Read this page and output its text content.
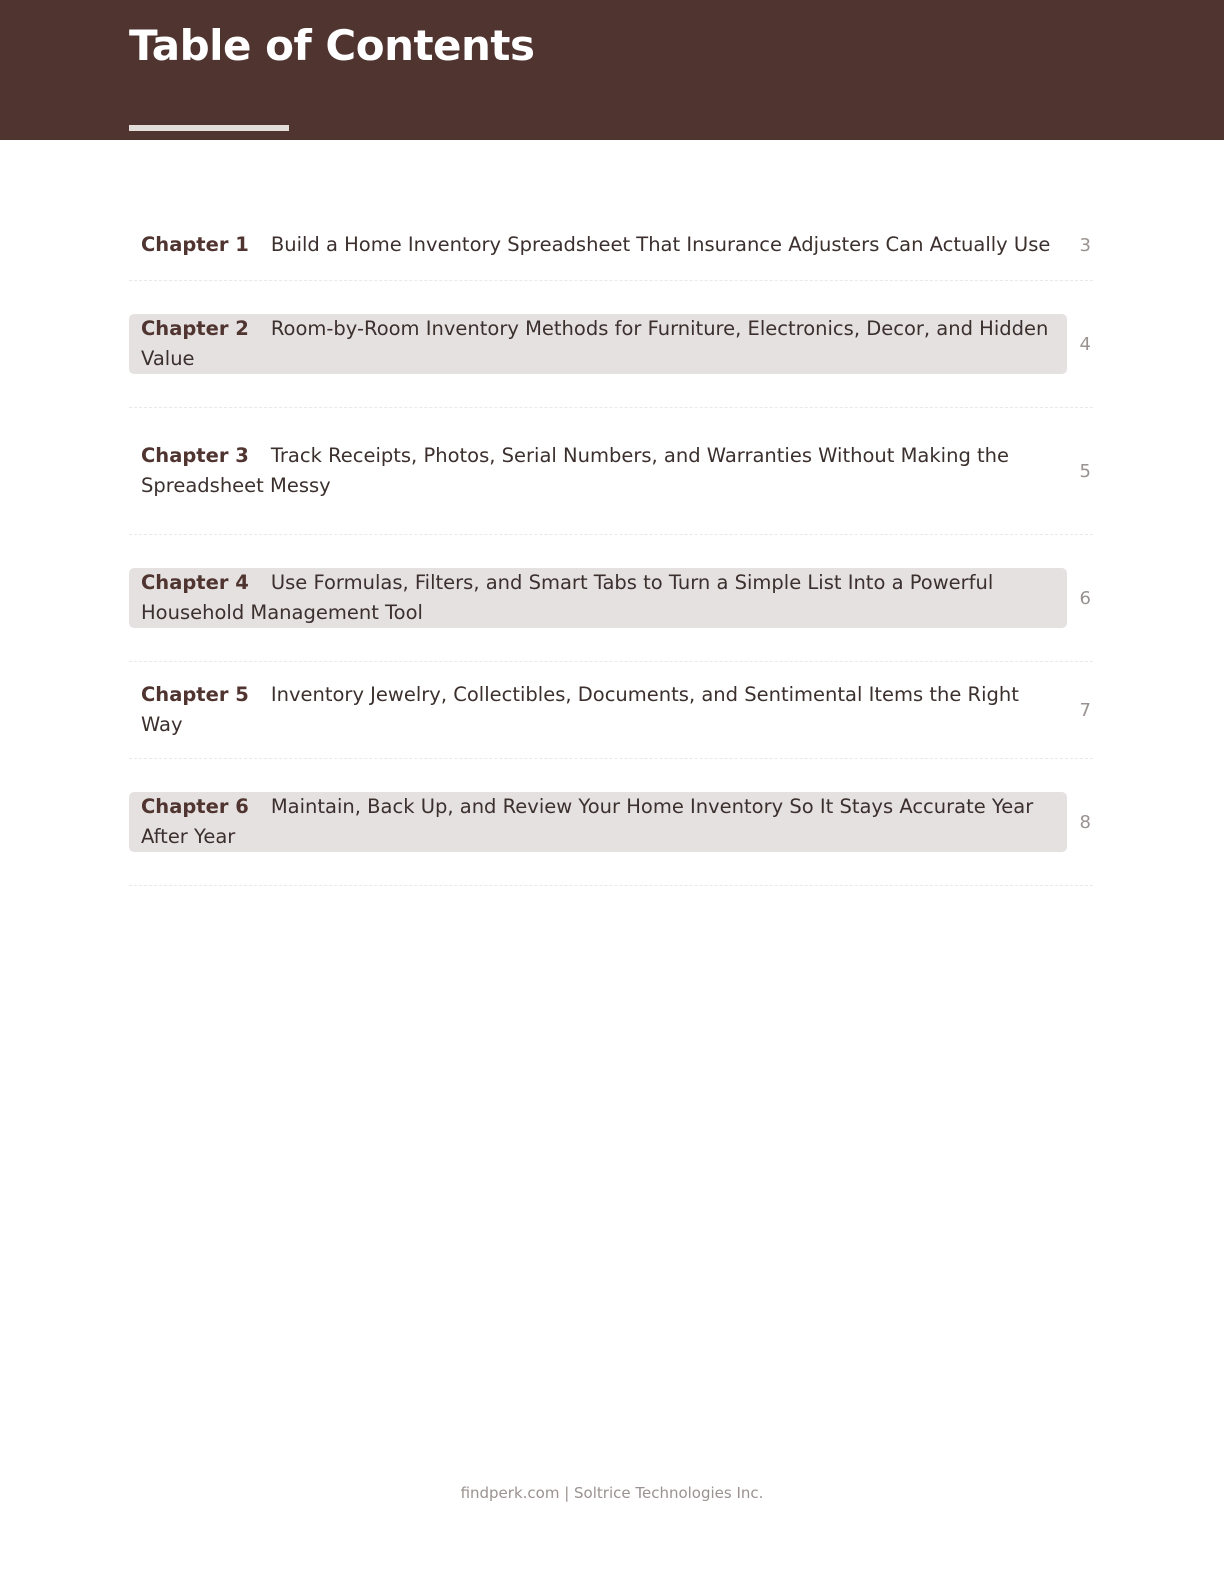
Table of Contents
Chapter 1 Build a Home Inventory Spreadsheet That Insurance Adjusters Can Actually Use	3
Chapter 2 Room-by-Room Inventory Methods for Furniture, Electronics, Decor, and Hidden Value
4
Chapter 3 Track Receipts, Photos, Serial Numbers, and Warranties Without Making the Spreadsheet Messy
5
Chapter 4 Use Formulas, Filters, and Smart Tabs to Turn a Simple List Into a Powerful Household Management Tool
6
Chapter 5 Inventory Jewelry, Collectibles, Documents, and Sentimental Items the Right Way
7
Chapter 6 Maintain, Back Up, and Review Your Home Inventory So It Stays Accurate Year After Year
8
findperk.com | Soltrice Technologies Inc.
